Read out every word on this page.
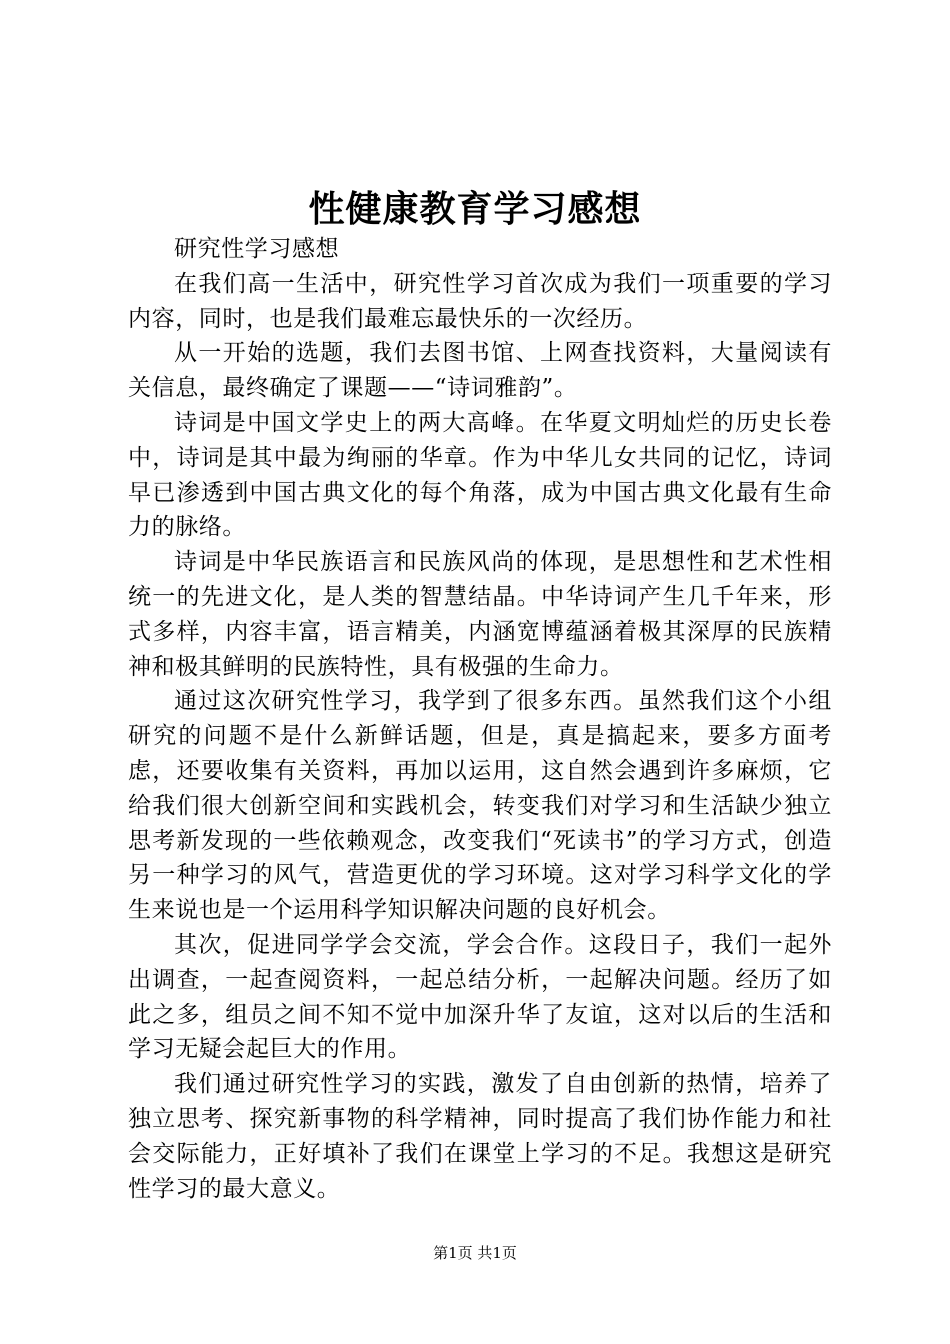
性健康教育学习感想

研究性学习感想

在我们高一生活中，研究性学习首次成为我们一项重要的学习内容，同时，也是我们最难忘最快乐的一次经历。

从一开始的选题，我们去图书馆、上网查找资料，大量阅读有关信息，最终确定了课题——“诗词雅韵”。

诗词是中国文学史上的两大高峰。在华夏文明灿烂的历史长卷中，诗词是其中最为绚丽的华章。作为中华儿女共同的记忆，诗词早已渗透到中国古典文化的每个角落，成为中国古典文化最有生命力的脉络。

诗词是中华民族语言和民族风尚的体现，是思想性和艺术性相统一的先进文化，是人类的智慧结晶。中华诗词产生几千年来，形式多样，内容丰富，语言精美，内涵宽博蕴涵着极其深厚的民族精神和极其鲜明的民族特性，具有极强的生命力。

通过这次研究性学习，我学到了很多东西。虽然我们这个小组研究的问题不是什么新鲜话题，但是，真是搞起来，要多方面考虑，还要收集有关资料，再加以运用，这自然会遇到许多麻烦，它给我们很大创新空间和实践机会，转变我们对学习和生活缺少独立思考新发现的一些依赖观念，改变我们“死读书”的学习方式，创造另一种学习的风气，营造更优的学习环境。这对学习科学文化的学生来说也是一个运用科学知识解决问题的良好机会。

其次，促进同学学会交流，学会合作。这段日子，我们一起外出调查，一起查阅资料，一起总结分析，一起解决问题。经历了如此之多，组员之间不知不觉中加深升华了友谊，这对以后的生活和学习无疑会起巨大的作用。

我们通过研究性学习的实践，激发了自由创新的热情，培养了独立思考、探究新事物的科学精神，同时提高了我们协作能力和社会交际能力，正好填补了我们在课堂上学习的不足。我想这是研究性学习的最大意义。

第1页 共1页
